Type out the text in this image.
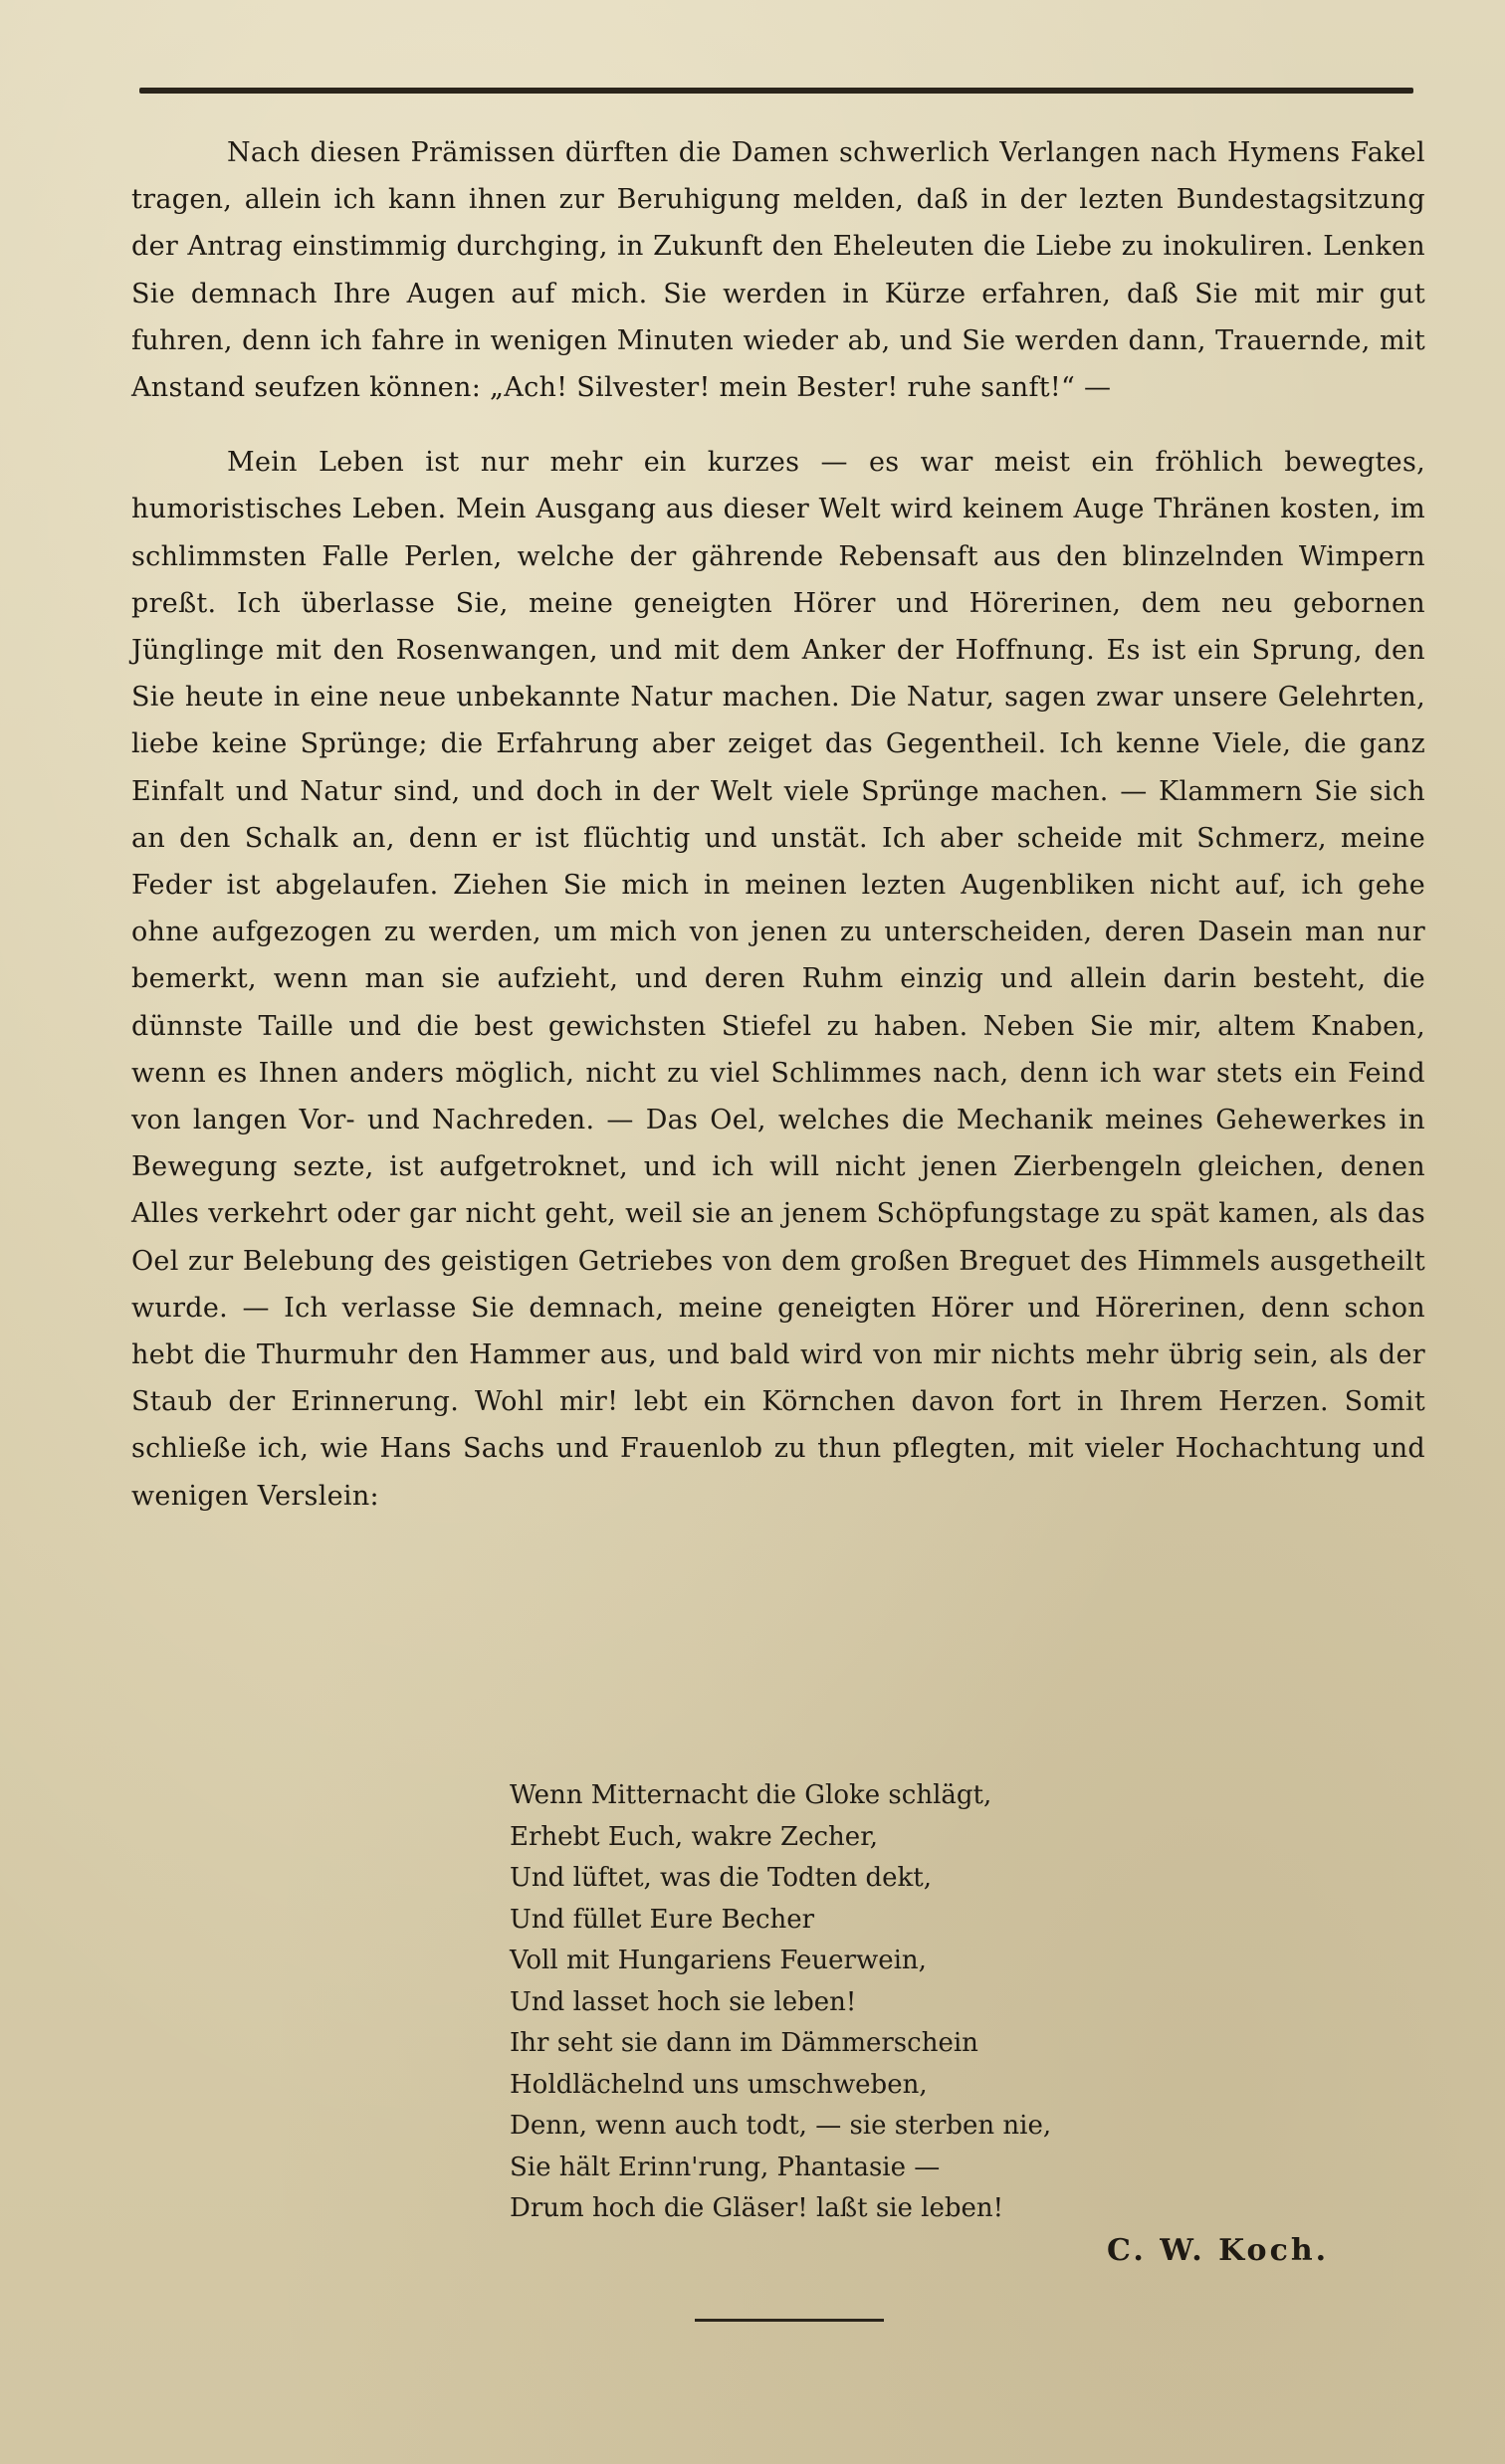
Nach diesen Prämissen dürften die Damen schwerlich Verlangen nach Hymens Fakel tragen, allein ich kann ihnen zur Beruhigung melden, daß in der lezten Bundestagsitzung der Antrag einstimmig durchging, in Zukunft den Eheleuten die Liebe zu inokuliren. Lenken Sie demnach Ihre Augen auf mich. Sie werden in Kürze erfahren, daß Sie mit mir gut fuhren, denn ich fahre in wenigen Minuten wieder ab, und Sie werden dann, Trauernde, mit Anstand seufzen können: „Ach! Silvester! mein Bester! ruhe sanft!“ —

Mein Leben ist nur mehr ein kurzes — es war meist ein fröhlich bewegtes, humoristisches Leben. Mein Ausgang aus dieser Welt wird keinem Auge Thränen kosten, im schlimmsten Falle Perlen, welche der gährende Rebensaft aus den blinzelnden Wimpern preßt. Ich überlasse Sie, meine geneigten Hörer und Hörerinen, dem neu gebornen Jünglinge mit den Rosenwangen, und mit dem Anker der Hoffnung. Es ist ein Sprung, den Sie heute in eine neue unbekannte Natur machen. Die Natur, sagen zwar unsere Gelehrten, liebe keine Sprünge; die Erfahrung aber zeiget das Gegentheil. Ich kenne Viele, die ganz Einfalt und Natur sind, und doch in der Welt viele Sprünge machen. — Klammern Sie sich an den Schalk an, denn er ist flüchtig und unstät. Ich aber scheide mit Schmerz, meine Feder ist abgelaufen. Ziehen Sie mich in meinen lezten Augenbliken nicht auf, ich gehe ohne aufgezogen zu werden, um mich von jenen zu unterscheiden, deren Dasein man nur bemerkt, wenn man sie aufzieht, und deren Ruhm einzig und allein darin besteht, die dünnste Taille und die best gewichsten Stiefel zu haben. Neben Sie mir, altem Knaben, wenn es Ihnen anders möglich, nicht zu viel Schlimmes nach, denn ich war stets ein Feind von langen Vor- und Nachreden. — Das Oel, welches die Mechanik meines Gehewerkes in Bewegung sezte, ist aufgetroknet, und ich will nicht jenen Zierbengeln gleichen, denen Alles verkehrt oder gar nicht geht, weil sie an jenem Schöpfungstage zu spät kamen, als das Oel zur Belebung des geistigen Getriebes von dem großen Breguet des Himmels ausgetheilt wurde. — Ich verlasse Sie demnach, meine geneigten Hörer und Hörerinen, denn schon hebt die Thurmuhr den Hammer aus, und bald wird von mir nichts mehr übrig sein, als der Staub der Erinnerung. Wohl mir! lebt ein Körnchen davon fort in Ihrem Herzen. Somit schließe ich, wie Hans Sachs und Frauenlob zu thun pflegten, mit vieler Hochachtung und wenigen Verslein:

Wenn Mitternacht die Gloke schlägt,
Erhebt Euch, wakre Zecher,
Und lüftet, was die Todten dekt,
Und füllet Eure Becher
Voll mit Hungariens Feuerwein,
Und lasset hoch sie leben!
Ihr seht sie dann im Dämmerschein
Holdlächelnd uns umschweben,
Denn, wenn auch todt, — sie sterben nie,
Sie hält Erinn'rung, Phantasie —
Drum hoch die Gläser! laßt sie leben!
C. W. Koch.
